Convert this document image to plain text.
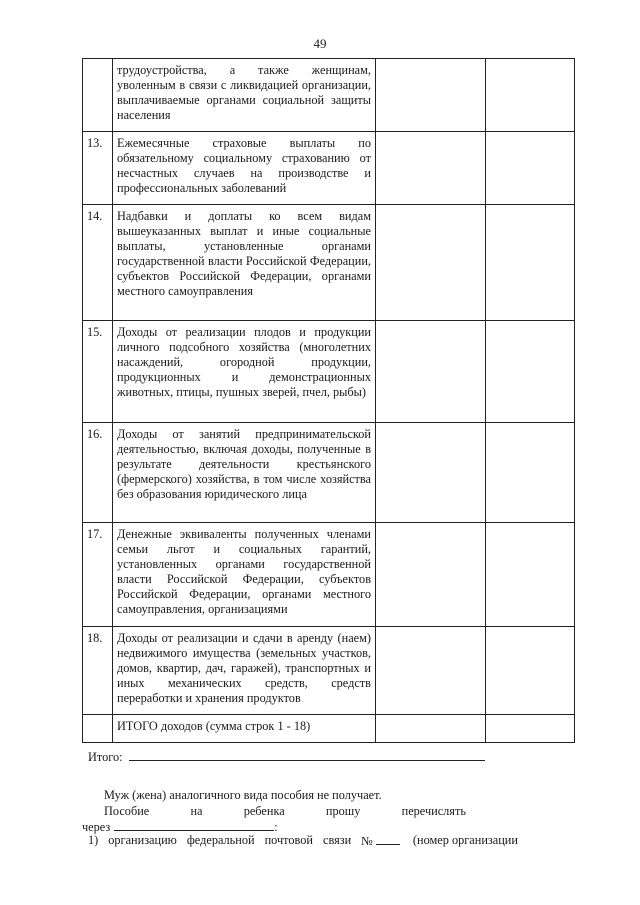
49

	трудоустройства, а также женщинам, уволенным в связи с ликвидацией организации, выплачиваемые органами социальной защиты населения		

13.	Ежемесячные страховые выплаты по обязательному социальному страхованию от несчастных случаев на производстве и профессиональных заболеваний		

14.	Надбавки и доплаты ко всем видам вышеуказанных выплат и иные социальные выплаты, установленные органами государственной власти Российской Федерации, субъектов Российской Федерации, органами местного самоуправления		

15.	Доходы от реализации плодов и продукции личного подсобного хозяйства (многолетних насаждений, огородной продукции, продукционных и демонстрационных животных, птицы, пушных зверей, пчел, рыбы)		

16.	Доходы от занятий предпринимательской деятельностью, включая доходы, полученные в результате деятельности крестьянского (фермерского) хозяйства, в том числе хозяйства без образования юридического лица		

17.	Денежные эквиваленты полученных членами семьи льгот и социальных гарантий, установленных органами государственной власти Российской Федерации, субъектов Российской Федерации, органами местного самоуправления, организациями		

18.	Доходы от реализации и сдачи в аренду (наем) недвижимого имущества (земельных участков, домов, квартир, дач, гаражей), транспортных и иных механических средств, средств переработки и хранения продуктов		

	ИТОГО доходов (сумма строк 1 - 18)		

Итого:
Муж (жена) аналогичного вида пособия не получает.
Пособие	на	ребенка	прошу	перечислять
через	:
1) организацию федеральной почтовой связи №	(номер организации
